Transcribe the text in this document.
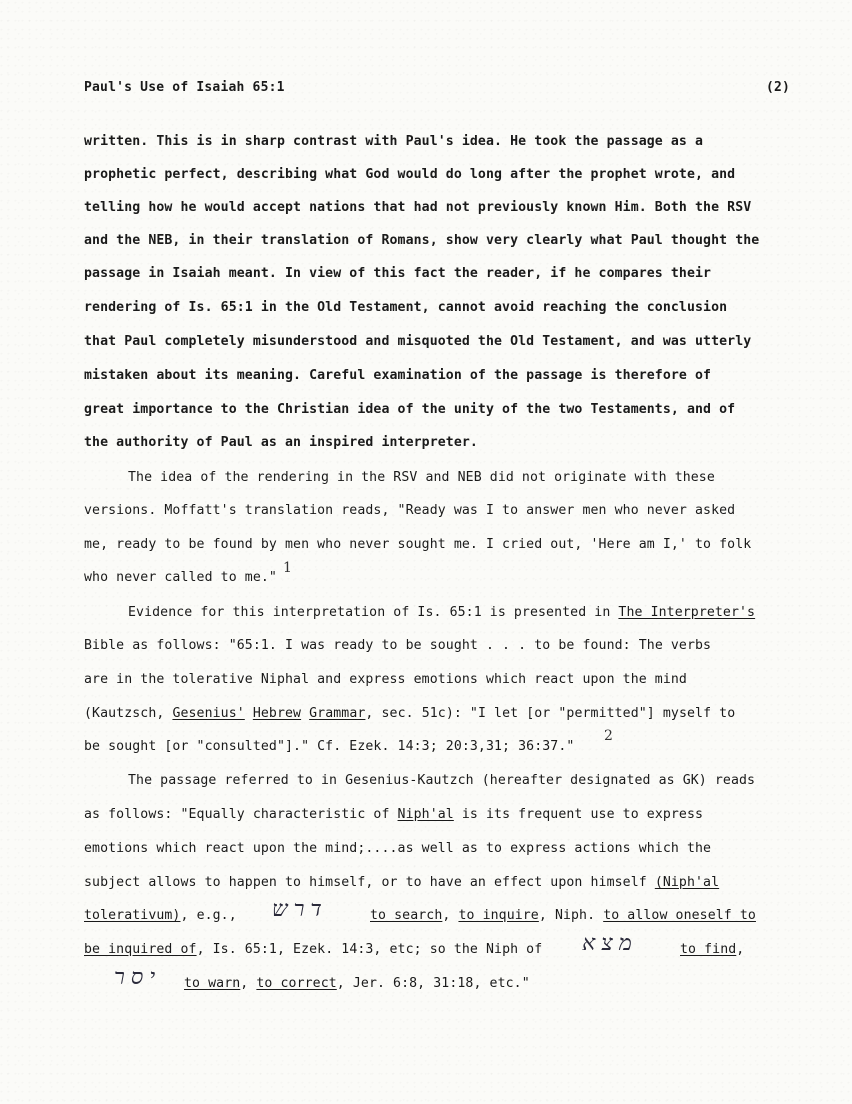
Paul's Use of Isaiah 65:1	(2)
written. This is in sharp contrast with Paul's idea. He took the passage as a
prophetic perfect, describing what God would do long after the prophet wrote, and
telling how he would accept nations that had not previously known Him. Both the RSV
and the NEB, in their translation of Romans, show very clearly what Paul thought the
passage in Isaiah meant. In view of this fact the reader, if he compares their
rendering of Is. 65:1 in the Old Testament, cannot avoid reaching the conclusion
that Paul completely misunderstood and misquoted the Old Testament, and was utterly
mistaken about its meaning. Careful examination of the passage is therefore of
great importance to the Christian idea of the unity of the two Testaments, and of
the authority of Paul as an inspired interpreter.
The idea of the rendering in the RSV and NEB did not originate with these
versions. Moffatt's translation reads, "Ready was I to answer men who never asked
me, ready to be found by men who never sought me. I cried out, 'Here am I,' to folk
who never called to me."
1
Evidence for this interpretation of Is. 65:1 is presented in The Interpreter's
Bible as follows: "65:1. I was ready to be sought . . . to be found: The verbs
are in the tolerative Niphal and express emotions which react upon the mind
(Kautzsch, Gesenius' Hebrew Grammar, sec. 51c): "I let [or "permitted"] myself to
be sought [or "consulted"]." Cf. Ezek. 14:3; 20:3,31; 36:37."
2
The passage referred to in Gesenius-Kautzch (hereafter designated as GK) reads
as follows: "Equally characteristic of Niph'al is its frequent use to express
emotions which react upon the mind;....as well as to express actions which the
subject allows to happen to himself, or to have an effect upon himself (Niph'al
tolerativum), e.g.,	דרש	to search, to inquire, Niph. to allow oneself to
be inquired of, Is. 65:1, Ezek. 14:3, etc; so the Niph of	מצא	to find,
יסר to warn, to correct, Jer. 6:8, 31:18, etc."
